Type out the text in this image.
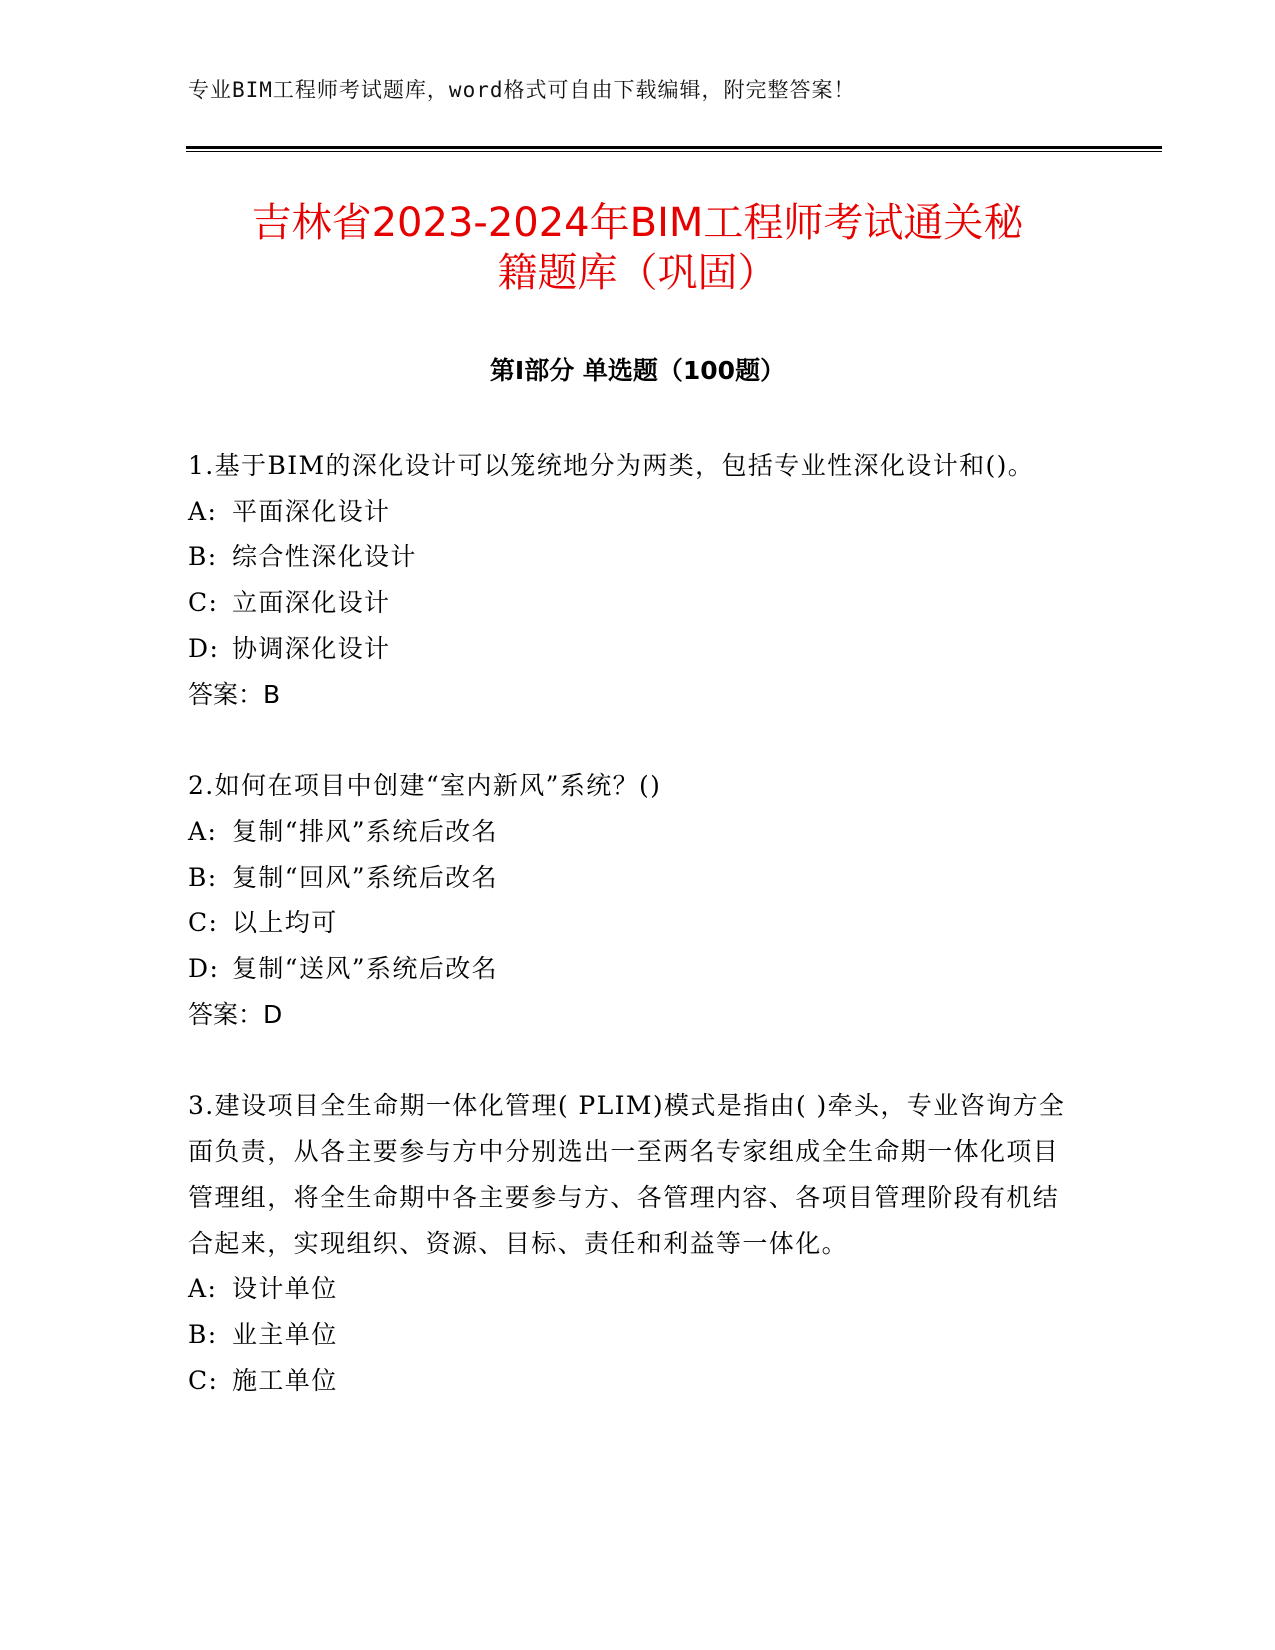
专业BIM工程师考试题库，word格式可自由下载编辑，附完整答案！
吉林省2023-2024年BIM工程师考试通关秘
籍题库（巩固）
第Ⅰ部分 单选题（100题）

1.基于BIM的深化设计可以笼统地分为两类，包括专业性深化设计和()。

A: 平面深化设计
B: 综合性深化设计
C: 立面深化设计
D: 协调深化设计

答案：B

2.如何在项目中创建“室内新风”系统？()

A: 复制“排风”系统后改名
B: 复制“回风”系统后改名
C: 以上均可
D: 复制“送风”系统后改名

答案：D

3.建设项目全生命期一体化管理( PLIM)模式是指由( )牵头，专业咨询方全面负责，从各主要参与方中分别选出一至两名专家组成全生命期一体化项目管理组，将全生命期中各主要参与方、各管理内容、各项目管理阶段有机结合起来，实现组织、资源、目标、责任和利益等一体化。

A: 设计单位
B: 业主单位
C: 施工单位
